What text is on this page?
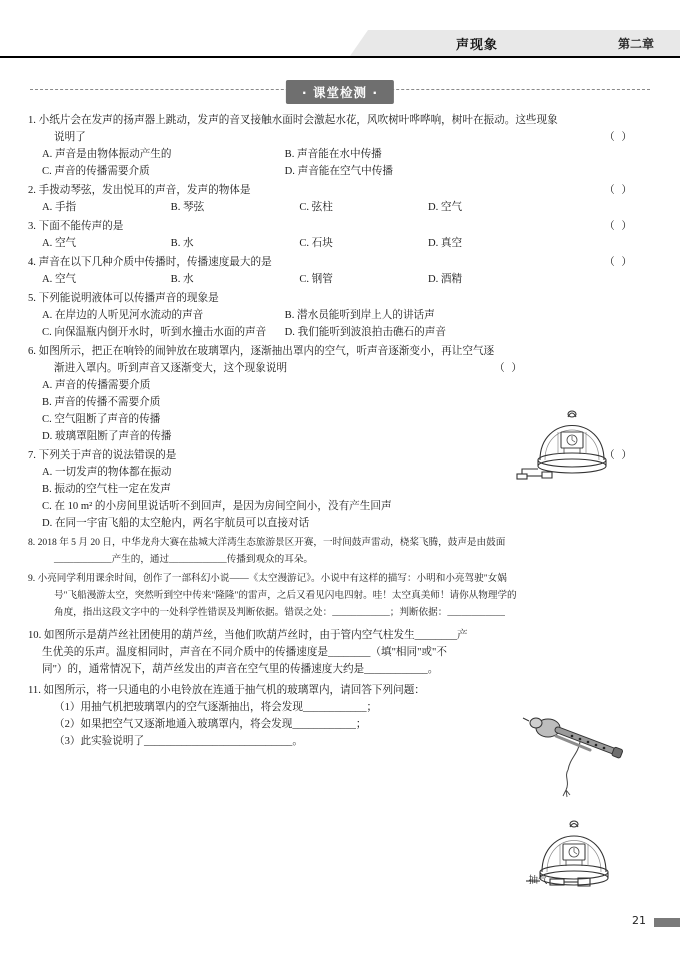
声现象	第二章
· 课堂检测 ·
1. 小纸片会在发声的扬声器上跳动，发声的音叉接触水面时会激起水花，风吹树叶哗哗响，树叶在振动。这些现象
说明了	（ ）
A. 声音是由物体振动产生的	B. 声音能在水中传播
C. 声音的传播需要介质	D. 声音能在空气中传播
2. 手拨动琴弦，发出悦耳的声音，发声的物体是	（ ）
A. 手指	B. 琴弦	C. 弦柱	D. 空气
3. 下面不能传声的是	（ ）
A. 空气	B. 水	C. 石块	D. 真空
4. 声音在以下几种介质中传播时，传播速度最大的是	（ ）
A. 空气	B. 水	C. 钢管	D. 酒精
5. 下列能说明液体可以传播声音的现象是
A. 在岸边的人听见河水流动的声音	B. 潜水员能听到岸上人的讲话声
C. 向保温瓶内倒开水时，听到水撞击水面的声音 D. 我们能听到波浪拍击礁石的声音
6. 如图所示，把正在响铃的闹钟放在玻璃罩内，逐渐抽出罩内的空气，听声音逐渐变小，再让空气逐
渐进入罩内。听到声音又逐渐变大，这个现象说明	（ ）
A. 声音的传播需要介质
B. 声音的传播不需要介质
C. 空气阻断了声音的传播
D. 玻璃罩阻断了声音的传播
7. 下列关于声音的说法错误的是	（ ）
A. 一切发声的物体都在振动
B. 振动的空气柱一定在发声
C. 在 10 m² 的小房间里说话听不到回声，是因为房间空间小，没有产生回声
D. 在同一宇宙飞船的太空舱内，两名宇航员可以直接对话
8. 2018 年 5 月 20 日，中华龙舟大赛在盐城大洋湾生态旅游景区开赛，一时间鼓声雷动，桡桨飞腾，鼓声是由鼓面
____________产生的，通过____________传播到观众的耳朵。
9. 小亮同学利用课余时间，创作了一部科幻小说——《太空漫游记》。小说中有这样的描写：小明和小亮驾驶"女娲
号"飞船漫游太空，突然听到空中传来"隆隆"的雷声，之后又看见闪电四射。哇！太空真美师！请你从物理学的
角度，指出这段文字中的一处科学性错误及判断依据。错误之处：____________；判断依据：____________
10. 如图所示是葫芦丝社团使用的葫芦丝，当他们吹葫芦丝时，由于管内空气柱发生________产
生优美的乐声。温度相同时，声音在不同介质中的传播速度是________（填"相同"或"不
同"）的，通常情况下，葫芦丝发出的声音在空气里的传播速度大约是____________。
11. 如图所示，将一只通电的小电铃放在连通于抽气机的玻璃罩内，请回答下列问题：
（1）用抽气机把玻璃罩内的空气逐渐抽出，将会发现____________；
（2）如果把空气又逐渐地通入玻璃罩内，将会发现____________；
（3）此实验说明了____________________________。
抽气
21
